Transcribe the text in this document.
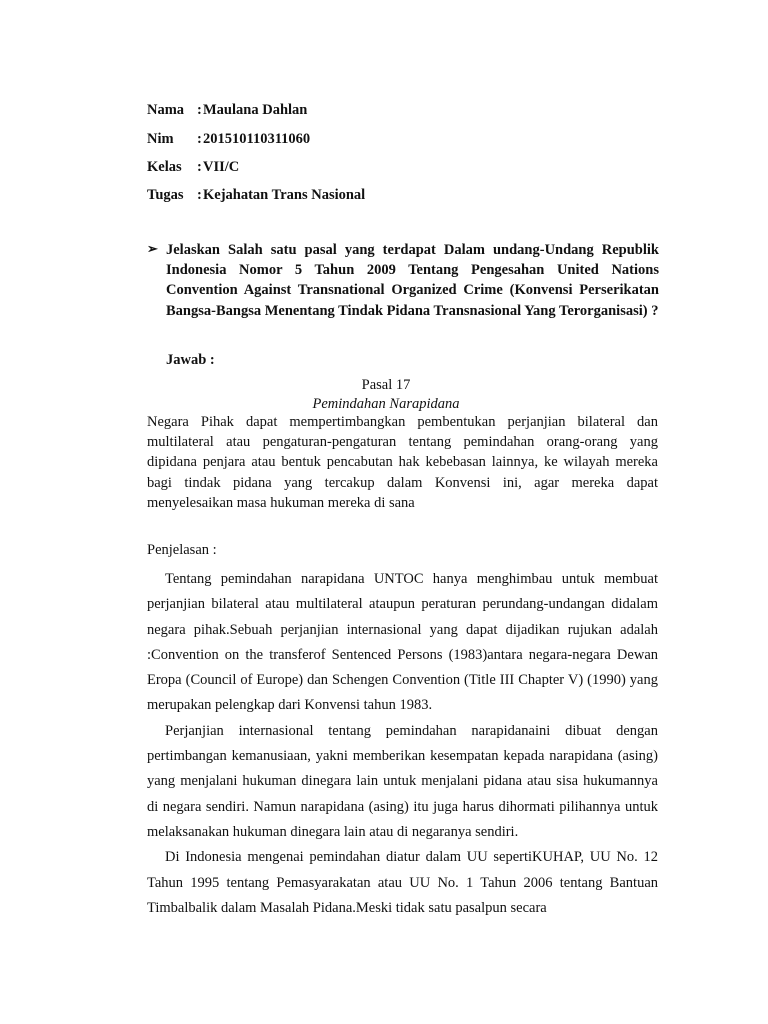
Nama :Maulana Dahlan
Nim :201510110311060
Kelas :VII/C
Tugas :Kejahatan Trans Nasional
➢ Jelaskan Salah satu pasal yang terdapat Dalam undang-Undang Republik Indonesia Nomor 5 Tahun 2009 Tentang Pengesahan United Nations Convention Against Transnational Organized Crime (Konvensi Perserikatan Bangsa-Bangsa Menentang Tindak Pidana Transnasional Yang Terorganisasi) ?
Jawab :
Pasal 17
Pemindahan Narapidana

Negara Pihak dapat mempertimbangkan pembentukan perjanjian bilateral dan multilateral atau pengaturan-pengaturan tentang pemindahan orang-orang yang dipidana penjara atau bentuk pencabutan hak kebebasan lainnya, ke wilayah mereka bagi tindak pidana yang tercakup dalam Konvensi ini, agar mereka dapat menyelesaikan masa hukuman mereka di sana

Penjelasan :

Tentang pemindahan narapidana UNTOC hanya menghimbau untuk membuat perjanjian bilateral atau multilateral ataupun peraturan perundang-undangan didalam negara pihak.Sebuah perjanjian internasional yang dapat dijadikan rujukan adalah :Convention on the transferof Sentenced Persons (1983)antara negara-negara Dewan Eropa (Council of Europe) dan Schengen Convention (Title III Chapter V) (1990) yang merupakan pelengkap dari Konvensi tahun 1983.

Perjanjian internasional tentang pemindahan narapidanaini dibuat dengan pertimbangan kemanusiaan, yakni memberikan kesempatan kepada narapidana (asing) yang menjalani hukuman dinegara lain untuk menjalani pidana atau sisa hukumannya di negara sendiri. Namun narapidana (asing) itu juga harus dihormati pilihannya untuk melaksanakan hukuman dinegara lain atau di negaranya sendiri.

Di Indonesia mengenai pemindahan diatur dalam UU sepertiKUHAP, UU No. 12 Tahun 1995 tentang Pemasyarakatan atau UU No. 1 Tahun 2006 tentang Bantuan Timbalbalik dalam Masalah Pidana.Meski tidak satu pasalpun secara
